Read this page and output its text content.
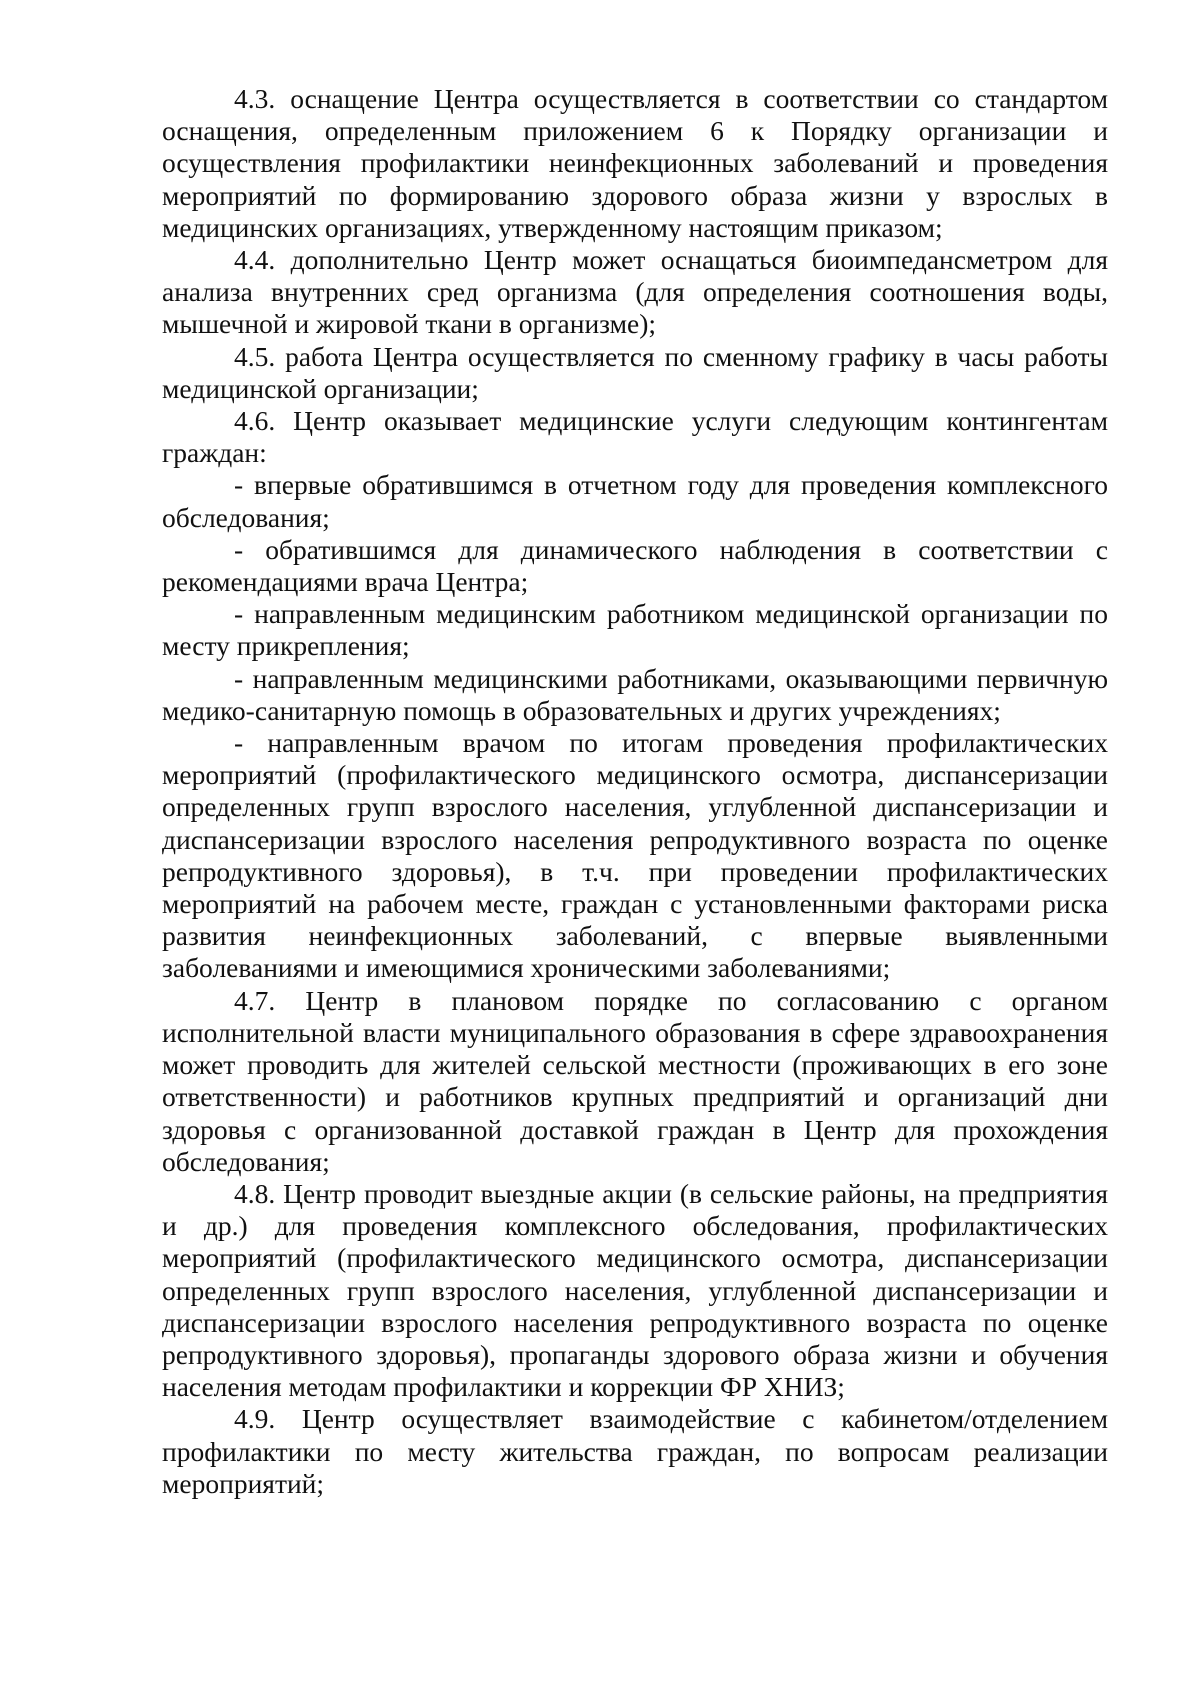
4.3. оснащение Центра осуществляется в соответствии со стандартом оснащения, определенным приложением 6 к Порядку организации и осуществления профилактики неинфекционных заболеваний и проведения мероприятий по формированию здорового образа жизни у взрослых в медицинских организациях, утвержденному настоящим приказом;

4.4. дополнительно Центр может оснащаться биоимпедансметром для анализа внутренних сред организма (для определения соотношения воды, мышечной и жировой ткани в организме);

4.5. работа Центра осуществляется по сменному графику в часы работы медицинской организации;

4.6. Центр оказывает медицинские услуги следующим контингентам граждан:

- впервые обратившимся в отчетном году для проведения комплексного обследования;

- обратившимся для динамического наблюдения в соответствии с рекомендациями врача Центра;

- направленным медицинским работником медицинской организации по месту прикрепления;

- направленным медицинскими работниками, оказывающими первичную медико-санитарную помощь в образовательных и других учреждениях;

- направленным врачом по итогам проведения профилактических мероприятий (профилактического медицинского осмотра, диспансеризации определенных групп взрослого населения, углубленной диспансеризации и диспансеризации взрослого населения репродуктивного возраста по оценке репродуктивного здоровья), в т.ч. при проведении профилактических мероприятий на рабочем месте, граждан с установленными факторами риска развития неинфекционных заболеваний, с впервые выявленными заболеваниями и имеющимися хроническими заболеваниями;

4.7. Центр в плановом порядке по согласованию с органом исполнительной власти муниципального образования в сфере здравоохранения может проводить для жителей сельской местности (проживающих в его зоне ответственности) и работников крупных предприятий и организаций дни здоровья с организованной доставкой граждан в Центр для прохождения обследования;

4.8. Центр проводит выездные акции (в сельские районы, на предприятия и др.) для проведения комплексного обследования, профилактических мероприятий (профилактического медицинского осмотра, диспансеризации определенных групп взрослого населения, углубленной диспансеризации и диспансеризации взрослого населения репродуктивного возраста по оценке репродуктивного здоровья), пропаганды здорового образа жизни и обучения населения методам профилактики и коррекции ФР ХНИЗ;

4.9. Центр осуществляет взаимодействие с кабинетом/отделением профилактики по месту жительства граждан, по вопросам реализации мероприятий;
